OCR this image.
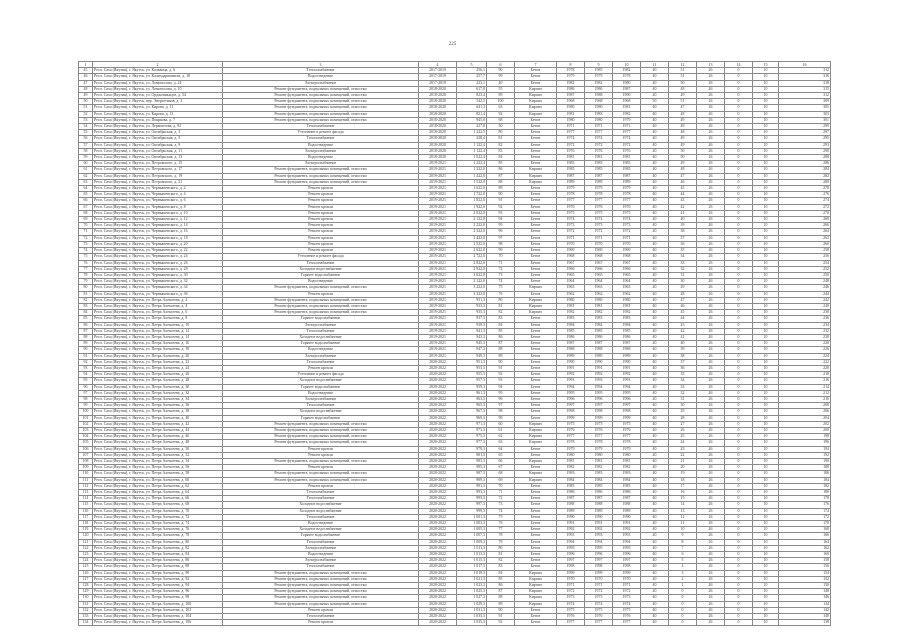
225
1	2	3	4	5	6	7	8	9	10	11	12	13	14	15	16
45	Респ. Саха (Якутия), г. Якутск, ул. Кальвица, д. 6	Теплоснабжение	2017-2019	256,1	90	Бетон	1978	1985	1982	40	51	26	0	10	312
46	Респ. Саха (Якутия), г. Якутск, ул. Каландаришвили, д. 18	Водоотведение	2017-2019	257,7	99	Бетон	1979	1979	1978	40	51	26	0	10	316
47	Респ. Саха (Якутия), г. Якутск, ул. Ломоносова, д. 24	Электроснабжение	2017-2019	223,1	40	Бетон	1982	1982	1980	40	50	26	0	10	318
48	Респ. Саха (Якутия), г. Якутск, ул. Ломоносова, д. 10	Ремонт фундамента, подвальных помещений, отмостки	2018-2020	617,8	55	Кирпич	1986	1986	1987	40	48	26	0	10	315
49	Респ. Саха (Якутия), г. Якутск, ул. Орджоникидзе, д. 54	Ремонт фундамента, подвальных помещений, отмостки	2018-2020	823,4	89	Кирпич	1987	1988	1990	40	49	26	0	10	312
50	Респ. Саха (Якутия), г. Якутск, пер. Энергетиков, д. 3	Ремонт фундамента, подвальных помещений, отмостки	2018-2020	542,5	100	Кирпич	1968	1968	1968	50	51	26	0	10	309
51	Респ. Саха (Якутия), г. Якутск, ул. Кирова, д. 11	Ремонт фундамента, подвальных помещений, отмостки	2018-2020	641,3	63	Кирпич	1980	1980	1981	40	47	26	0	10	305
52	Респ. Саха (Якутия), г. Якутск, ул. Кирова, д. 13	Ремонт фундамента, подвальных помещений, отмостки	2018-2020	821,4	92	Кирпич	1981	1983	1982	40	48	26	0	10	303
53	Респ. Саха (Якутия), г. Якутск, ул. Пояркова, д. 7	Ремонт фундамента, подвальных помещений, отмостки	2018-2020	945,0	68	Бетон	1980	1980	1979	40	49	26	0	10	301
54	Респ. Саха (Якутия), г. Якутск, ул. Лермонтова, д. 92	Теплоснабжение	2018-2020	227,8	50	Бетон	1971	1971	1971	40	49	26	0	10	299
55	Респ. Саха (Якутия), г. Якутск, ул. Октябрьская, д. 3	Утепление и ремонт фасада	2018-2020	1 222,5	80	Бетон	1977	1977	1977	40	48	26	0	10	297
56	Респ. Саха (Якутия), г. Якутск, ул. Октябрьская, д. 5	Теплоснабжение	2018-2020	228,4	81	Бетон	1974	1974	1974	40	49	26	0	10	295
57	Респ. Саха (Якутия), г. Якутск, ул. Октябрьская, д. 9	Водоотведение	2018-2020	1 122,4	82	Бетон	1972	1972	1972	40	49	26	0	10	293
58	Респ. Саха (Якутия), г. Якутск, ул. Октябрьская, д. 11	Электроснабжение	2018-2020	1 122,4	83	Бетон	1976	1976	1976	40	50	26	0	10	290
59	Респ. Саха (Якутия), г. Якутск, ул. Октябрьская, д. 13	Водоотведение	2018-2020	1 022,4	84	Бетон	1981	1981	1981	40	50	26	0	10	288
60	Респ. Саха (Якутия), г. Якутск, ул. Петровского, д. 15	Электроснабжение	2019-2021	1 222,4	85	Бетон	1983	1983	1983	40	49	26	0	10	286
61	Респ. Саха (Якутия), г. Якутск, ул. Петровского, д. 17	Ремонт фундамента, подвальных помещений, отмостки	2019-2021	1 322,0	86	Кирпич	1985	1985	1985	40	48	26	0	10	284
62	Респ. Саха (Якутия), г. Якутск, ул. Петровского, д. 19	Ремонт фундамента, подвальных помещений, отмостки	2019-2021	1 422,0	87	Кирпич	1987	1987	1987	40	47	26	0	10	282
63	Респ. Саха (Якутия), г. Якутск, ул. Петровского, д. 21	Ремонт фундамента, подвальных помещений, отмостки	2019-2021	1 522,0	88	Кирпич	1989	1989	1989	40	46	26	0	10	280
64	Респ. Саха (Якутия), г. Якутск, ул. Чернышевского, д. 2	Ремонт кровли	2019-2021	1 622,0	89	Бетон	1979	1979	1979	40	45	26	0	10	278
65	Респ. Саха (Якутия), г. Якутск, ул. Чернышевского, д. 4	Ремонт кровли	2019-2021	1 722,0	90	Бетон	1978	1978	1978	40	44	26	0	10	276
66	Респ. Саха (Якутия), г. Якутск, ул. Чернышевского, д. 6	Ремонт кровли	2019-2021	1 822,0	91	Бетон	1977	1977	1977	40	43	26	0	10	274
67	Респ. Саха (Якутия), г. Якутск, ул. Чернышевского, д. 8	Ремонт кровли	2019-2021	1 922,0	92	Бетон	1976	1976	1976	40	42	26	0	10	272
68	Респ. Саха (Якутия), г. Якутск, ул. Чернышевского, д. 10	Ремонт кровли	2019-2021	2 022,0	93	Бетон	1975	1975	1975	40	41	26	0	10	270
69	Респ. Саха (Якутия), г. Якутск, ул. Чернышевского, д. 12	Ремонт кровли	2019-2021	2 122,0	94	Бетон	1974	1974	1974	40	40	26	0	10	268
70	Респ. Саха (Якутия), г. Якутск, ул. Чернышевского, д. 14	Ремонт кровли	2019-2021	2 222,0	95	Бетон	1973	1973	1973	40	39	26	0	10	266
71	Респ. Саха (Якутия), г. Якутск, ул. Чернышевского, д. 16	Ремонт кровли	2019-2021	2 322,0	96	Бетон	1972	1972	1972	40	38	26	0	10	264
72	Респ. Саха (Якутия), г. Якутск, ул. Чернышевского, д. 18	Ремонт кровли	2019-2021	2 422,0	97	Бетон	1971	1971	1971	40	37	26	0	10	262
73	Респ. Саха (Якутия), г. Якутск, ул. Чернышевского, д. 20	Ремонт кровли	2019-2021	2 522,0	98	Бетон	1970	1970	1970	40	36	26	0	10	260
74	Респ. Саха (Якутия), г. Якутск, ул. Чернышевского, д. 22	Ремонт кровли	2019-2021	2 622,0	99	Бетон	1969	1969	1969	40	35	26	0	10	258
75	Респ. Саха (Якутия), г. Якутск, ул. Чернышевского, д. 24	Утепление и ремонт фасада	2019-2021	2 722,0	70	Бетон	1968	1968	1968	40	34	26	0	10	256
76	Респ. Саха (Якутия), г. Якутск, ул. Чернышевского, д. 26	Теплоснабжение	2019-2021	2 822,0	71	Бетон	1967	1967	1967	40	33	26	0	10	254
77	Респ. Саха (Якутия), г. Якутск, ул. Чернышевского, д. 28	Холодное водоснабжение	2019-2021	2 922,0	72	Бетон	1966	1966	1966	40	32	26	0	10	252
78	Респ. Саха (Якутия), г. Якутск, ул. Чернышевского, д. 30	Горячее водоснабжение	2019-2021	3 022,0	73	Бетон	1965	1965	1965	40	31	26	0	10	250
79	Респ. Саха (Якутия), г. Якутск, ул. Чернышевского, д. 32	Водоотведение	2019-2021	3 122,0	74	Бетон	1964	1964	1964	40	30	26	0	10	248
80	Респ. Саха (Якутия), г. Якутск, ул. Чернышевского, д. 34	Ремонт фундамента, подвальных помещений, отмостки	2019-2021	3 222,0	75	Кирпич	1963	1963	1963	40	29	26	0	10	246
81	Респ. Саха (Якутия), г. Якутск, ул. Чернышевского, д. 36	Ремонт кровли	2019-2021	3 322,0	76	Бетон	1962	1962	1962	40	28	26	0	10	244
82	Респ. Саха (Якутия), г. Якутск, ул. Петра Алексеева, д. 2	Ремонт фундамента, подвальных помещений, отмостки	2019-2021	931,3	80	Кирпич	1980	1980	1980	40	47	26	0	10	242
83	Респ. Саха (Якутия), г. Якутск, ул. Петра Алексеева, д. 4	Ремонт фундамента, подвальных помещений, отмостки	2019-2021	933,3	81	Кирпич	1981	1981	1981	40	46	26	0	10	240
84	Респ. Саха (Якутия), г. Якутск, ул. Петра Алексеева, д. 6	Ремонт фундамента, подвальных помещений, отмостки	2019-2021	935,3	82	Кирпич	1982	1982	1982	40	45	26	0	10	238
85	Респ. Саха (Якутия), г. Якутск, ул. Петра Алексеева, д. 8	Горячее водоснабжение	2019-2021	937,3	83	Бетон	1983	1983	1983	40	44	26	0	10	236
86	Респ. Саха (Якутия), г. Якутск, ул. Петра Алексеева, д. 10	Электроснабжение	2019-2021	939,3	84	Бетон	1984	1984	1984	40	43	26	0	10	234
87	Респ. Саха (Якутия), г. Якутск, ул. Петра Алексеева, д. 12	Теплоснабжение	2019-2021	941,3	85	Бетон	1985	1985	1985	40	42	26	0	10	232
88	Респ. Саха (Якутия), г. Якутск, ул. Петра Алексеева, д. 14	Холодное водоснабжение	2019-2021	943,3	86	Бетон	1986	1986	1986	40	41	26	0	10	230
89	Респ. Саха (Якутия), г. Якутск, ул. Петра Алексеева, д. 16	Горячее водоснабжение	2019-2021	945,3	87	Бетон	1987	1987	1987	40	40	26	0	10	228
90	Респ. Саха (Якутия), г. Якутск, ул. Петра Алексеева, д. 18	Водоотведение	2019-2021	947,3	88	Бетон	1988	1988	1988	40	39	26	0	10	226
91	Респ. Саха (Якутия), г. Якутск, ул. Петра Алексеева, д. 20	Электроснабжение	2019-2021	949,3	89	Бетон	1989	1989	1989	40	38	26	0	10	224
92	Респ. Саха (Якутия), г. Якутск, ул. Петра Алексеева, д. 22	Теплоснабжение	2020-2022	951,3	90	Бетон	1990	1990	1990	40	37	26	0	10	222
93	Респ. Саха (Якутия), г. Якутск, ул. Петра Алексеева, д. 24	Ремонт кровли	2020-2022	953,3	91	Бетон	1991	1991	1991	40	36	26	0	10	220
94	Респ. Саха (Якутия), г. Якутск, ул. Петра Алексеева, д. 26	Утепление и ремонт фасада	2020-2022	955,3	92	Бетон	1992	1992	1992	40	35	26	0	10	218
95	Респ. Саха (Якутия), г. Якутск, ул. Петра Алексеева, д. 28	Холодное водоснабжение	2020-2022	957,3	93	Бетон	1993	1993	1993	40	34	26	0	10	216
96	Респ. Саха (Якутия), г. Якутск, ул. Петра Алексеева, д. 30	Горячее водоснабжение	2020-2022	959,3	94	Бетон	1994	1994	1994	40	33	26	0	10	214
97	Респ. Саха (Якутия), г. Якутск, ул. Петра Алексеева, д. 32	Водоотведение	2020-2022	961,3	95	Бетон	1995	1995	1995	40	32	26	0	10	212
98	Респ. Саха (Якутия), г. Якутск, ул. Петра Алексеева, д. 34	Электроснабжение	2020-2022	963,3	96	Бетон	1996	1996	1996	40	31	26	0	10	210
99	Респ. Саха (Якутия), г. Якутск, ул. Петра Алексеева, д. 36	Теплоснабжение	2020-2022	965,3	97	Бетон	1997	1997	1997	40	30	26	0	10	208
100	Респ. Саха (Якутия), г. Якутск, ул. Петра Алексеева, д. 38	Холодное водоснабжение	2020-2022	967,3	98	Бетон	1998	1998	1998	40	29	26	0	10	206
101	Респ. Саха (Якутия), г. Якутск, ул. Петра Алексеева, д. 40	Горячее водоснабжение	2020-2022	969,3	99	Бетон	1999	1999	1999	40	28	26	0	10	204
102	Респ. Саха (Якутия), г. Якутск, ул. Петра Алексеева, д. 42	Ремонт фундамента, подвальных помещений, отмостки	2020-2022	971,3	60	Кирпич	1975	1975	1975	40	27	26	0	10	202
103	Респ. Саха (Якутия), г. Якутск, ул. Петра Алексеева, д. 44	Ремонт фундамента, подвальных помещений, отмостки	2020-2022	973,3	61	Кирпич	1976	1976	1976	40	26	26	0	10	200
104	Респ. Саха (Якутия), г. Якутск, ул. Петра Алексеева, д. 46	Ремонт фундамента, подвальных помещений, отмостки	2020-2022	975,3	62	Кирпич	1977	1977	1977	40	25	26	0	10	198
105	Респ. Саха (Якутия), г. Якутск, ул. Петра Алексеева, д. 48	Ремонт фундамента, подвальных помещений, отмостки	2020-2022	977,3	63	Кирпич	1978	1978	1978	40	24	26	0	10	196
106	Респ. Саха (Якутия), г. Якутск, ул. Петра Алексеева, д. 50	Ремонт кровли	2020-2022	979,3	64	Бетон	1979	1979	1979	40	23	26	0	10	194
107	Респ. Саха (Якутия), г. Якутск, ул. Петра Алексеева, д. 52	Ремонт кровли	2020-2022	981,3	65	Бетон	1980	1980	1980	40	22	26	0	10	192
108	Респ. Саха (Якутия), г. Якутск, ул. Петра Алексеева, д. 54	Ремонт фундамента, подвальных помещений, отмостки	2020-2022	983,3	66	Кирпич	1981	1981	1981	40	21	26	0	10	190
109	Респ. Саха (Якутия), г. Якутск, ул. Петра Алексеева, д. 56	Ремонт кровли	2020-2022	985,3	67	Бетон	1982	1982	1982	40	20	26	0	10	188
110	Респ. Саха (Якутия), г. Якутск, ул. Петра Алексеева, д. 58	Ремонт фундамента, подвальных помещений, отмостки	2020-2022	987,3	68	Кирпич	1983	1983	1983	40	19	26	0	10	186
111	Респ. Саха (Якутия), г. Якутск, ул. Петра Алексеева, д. 60	Ремонт фундамента, подвальных помещений, отмостки	2020-2022	989,3	69	Кирпич	1984	1984	1984	40	18	26	0	10	184
112	Респ. Саха (Якутия), г. Якутск, ул. Петра Алексеева, д. 62	Ремонт кровли	2020-2022	991,3	70	Бетон	1985	1985	1985	40	17	26	0	10	182
113	Респ. Саха (Якутия), г. Якутск, ул. Петра Алексеева, д. 64	Теплоснабжение	2020-2022	993,3	71	Бетон	1986	1986	1986	40	16	26	0	10	180
114	Респ. Саха (Якутия), г. Якутск, ул. Петра Алексеева, д. 66	Теплоснабжение	2020-2022	995,3	72	Бетон	1987	1987	1987	40	15	26	0	10	178
115	Респ. Саха (Якутия), г. Якутск, ул. Петра Алексеева, д. 68	Холодное водоснабжение	2020-2022	997,3	73	Бетон	1988	1988	1988	40	14	26	0	10	176
116	Респ. Саха (Якутия), г. Якутск, ул. Петра Алексеева, д. 70	Холодное водоснабжение	2020-2022	999,3	74	Бетон	1989	1989	1989	40	13	26	0	10	174
117	Респ. Саха (Якутия), г. Якутск, ул. Петра Алексеева, д. 72	Теплоснабжение	2020-2022	1 001,3	75	Бетон	1990	1990	1990	40	12	26	0	10	172
118	Респ. Саха (Якутия), г. Якутск, ул. Петра Алексеева, д. 74	Водоотведение	2020-2022	1 003,3	76	Бетон	1991	1991	1991	40	11	26	0	10	170
119	Респ. Саха (Якутия), г. Якутск, ул. Петра Алексеева, д. 76	Холодное водоснабжение	2020-2022	1 005,3	77	Бетон	1992	1992	1992	40	10	26	0	10	168
120	Респ. Саха (Якутия), г. Якутск, ул. Петра Алексеева, д. 78	Горячее водоснабжение	2020-2022	1 007,3	78	Бетон	1993	1993	1993	40	9	26	0	10	166
121	Респ. Саха (Якутия), г. Якутск, ул. Петра Алексеева, д. 80	Теплоснабжение	2020-2022	1 009,3	79	Бетон	1994	1994	1994	40	8	26	0	10	164
122	Респ. Саха (Якутия), г. Якутск, ул. Петра Алексеева, д. 82	Электроснабжение	2020-2022	1 011,3	80	Бетон	1995	1995	1995	40	7	26	0	10	162
123	Респ. Саха (Якутия), г. Якутск, ул. Петра Алексеева, д. 84	Водоотведение	2020-2022	1 013,3	81	Бетон	1996	1996	1996	40	6	26	0	10	160
124	Респ. Саха (Якутия), г. Якутск, ул. Петра Алексеева, д. 86	Электроснабжение	2020-2022	1 015,3	82	Бетон	1997	1997	1997	40	5	26	0	10	158
125	Респ. Саха (Якутия), г. Якутск, ул. Петра Алексеева, д. 88	Теплоснабжение	2020-2022	1 017,3	83	Бетон	1998	1998	1998	40	4	26	0	10	156
126	Респ. Саха (Якутия), г. Якутск, ул. Петра Алексеева, д. 90	Ремонт фундамента, подвальных помещений, отмостки	2020-2022	1 019,3	84	Кирпич	1999	1999	1999	40	3	26	0	10	154
127	Респ. Саха (Якутия), г. Якутск, ул. Петра Алексеева, д. 92	Ремонт фундамента, подвальных помещений, отмостки	2020-2022	1 021,3	85	Кирпич	1970	1970	1970	40	2	26	0	10	152
128	Респ. Саха (Якутия), г. Якутск, ул. Петра Алексеева, д. 94	Ремонт фундамента, подвальных помещений, отмостки	2020-2022	1 023,3	86	Кирпич	1971	1971	1971	40	1	26	0	10	150
129	Респ. Саха (Якутия), г. Якутск, ул. Петра Алексеева, д. 96	Ремонт фундамента, подвальных помещений, отмостки	2020-2022	1 025,3	87	Кирпич	1972	1972	1972	40	0	26	0	10	148
130	Респ. Саха (Якутия), г. Якутск, ул. Петра Алексеева, д. 98	Ремонт фундамента, подвальных помещений, отмостки	2020-2022	1 027,3	88	Кирпич	1973	1973	1973	40	0	26	0	10	146
131	Респ. Саха (Якутия), г. Якутск, ул. Петра Алексеева, д. 100	Ремонт фундамента, подвальных помещений, отмостки	2020-2022	1 029,3	89	Кирпич	1974	1974	1974	40	0	26	0	10	144
132	Респ. Саха (Якутия), г. Якутск, ул. Петра Алексеева, д. 102	Ремонт кровли	2020-2022	1 031,3	90	Бетон	1975	1975	1975	40	0	26	0	10	142
133	Респ. Саха (Якутия), г. Якутск, ул. Петра Алексеева, д. 104	Теплоснабжение	2020-2022	1 033,3	91	Бетон	1976	1976	1976	40	0	26	0	10	140
134	Респ. Саха (Якутия), г. Якутск, ул. Петра Алексеева, д. 106	Ремонт кровли	2020-2022	1 035,3	92	Бетон	1977	1977	1977	40	0	26	0	10	138
